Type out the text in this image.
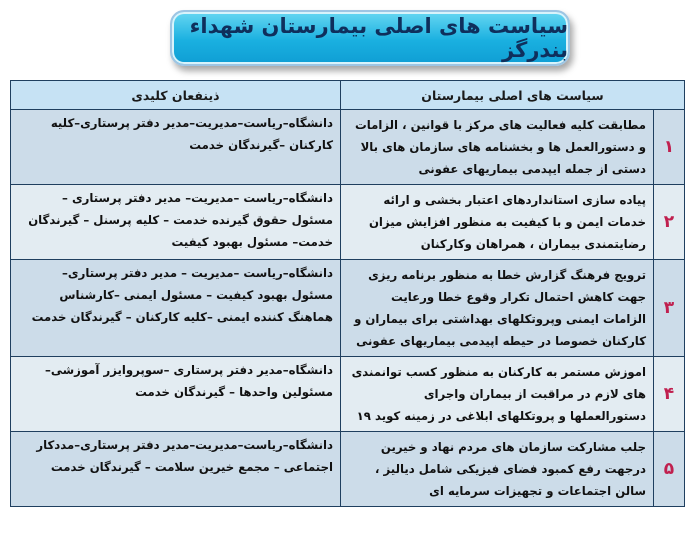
سیاست های اصلی بیمارستان شهداء بندرگز
سیاست های اصلی بیمارستان		ذینفعان کلیدی
۱	مطابقت کلیه فعالیت های مرکز با قوانین ، الزامات و دستورالعمل ها و بخشنامه های سازمان های بالا دستی از جمله ایپدمی بیماریهای عفونی	دانشگاه–ریاست–مدیریت–مدیر دفتر پرستاری–کلیه کارکنان –گیرندگان خدمت
۲	پیاده سازی استانداردهای اعتبار بخشی و ارائه خدمات ایمن و با کیفیت به منظور افزایش میزان رضایتمندی بیماران ، همراهان وکارکنان	دانشگاه–ریاست –مدیریت– مدیر دفتر پرستاری –مسئول حقوق گیرنده خدمت – کلیه پرسنل – گیرندگان خدمت– مسئول بهبود کیفیت
۳	ترویج فرهنگ گزارش خطا به منظور برنامه ریزی جهت کاهش احتمال تکرار وقوع خطا ورعایت الزامات ایمنی وپروتکلهای بهداشتی برای بیماران و کارکنان خصوصا در حیطه اپیدمی بیماریهای عفونی	دانشگاه–ریاست –مدیریت – مدیر دفتر پرستاری–مسئول بهبود کیفیت – مسئول ایمنی –کارشناس هماهنگ کننده ایمنی –کلیه کارکنان – گیرندگان خدمت
۴	اموزش مستمر به کارکنان به منظور کسب توانمندی های لازم در مراقبت از بیماران واجرای دستورالعملها و پروتکلهای ابلاغی در زمینه کوید ۱۹	دانشگاه–مدیر دفتر پرستاری –سوپروایزر آموزشی– مسئولین واحدها – گیرندگان خدمت
۵	جلب مشارکت سازمان های مردم نهاد و خیرین درجهت رفع کمبود فضای فیزیکی شامل دیالیز ، سالن اجتماعات و تجهیزات سرمایه ای	دانشگاه–ریاست–مدیریت–مدیر دفتر پرستاری–مددکار اجتماعی – مجمع خیرین سلامت – گیرندگان خدمت
